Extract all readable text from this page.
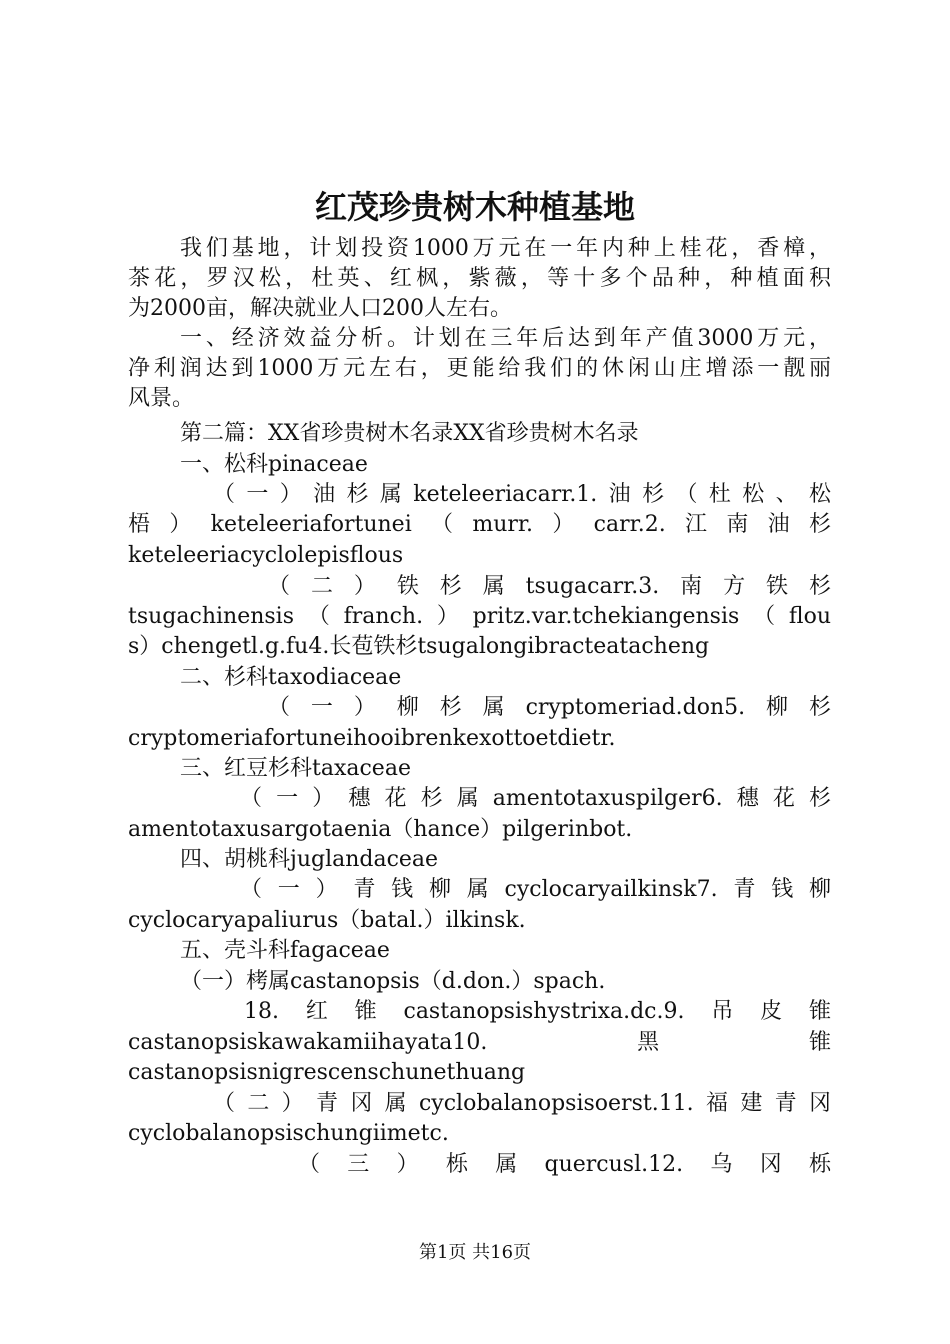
红茂珍贵树木种植基地
我们基地，计划投资1000万元在一年内种上桂花，香樟，
茶花，罗汉松，杜英、红枫，紫薇，等十多个品种，种植面积
为2000亩，解决就业人口200人左右。
一、经济效益分析。计划在三年后达到年产值3000万元，
净利润达到1000万元左右，更能给我们的休闲山庄增添一靓丽
风景。
第二篇：XX省珍贵树木名录XX省珍贵树木名录
一、松科pinaceae
（一）油杉属keteleeriacarr.1.油杉（杜松、松
梧）keteleeriafortunei（murr.）carr.2.江南油杉
keteleeriacyclolepisflous
（二）铁杉属tsugacarr.3.南方铁杉
tsugachinensis（franch.）pritz.var.tchekiangensis（flou
s）chengetl.g.fu4.长苞铁杉tsugalongibracteatacheng
二、杉科taxodiaceae
（一）柳杉属cryptomeriad.don5.柳杉
cryptomeriafortuneihooibrenkexottoetdietr.
三、红豆杉科taxaceae
（一）穗花杉属amentotaxuspilger6.穗花杉
amentotaxusargotaenia（hance）pilgerinbot.
四、胡桃科juglandaceae
（一）青钱柳属cyclocaryailkinsk7.青钱柳
cyclocaryapaliurus（batal.）ilkinsk.
五、壳斗科fagaceae
（一）栲属castanopsis（d.don.）spach.
18.红锥castanopsishystrixa.dc.9.吊皮锥
castanopsiskawakamiihayata10.黑锥
castanopsisnigrescenschunethuang
（二）青冈属cyclobalanopsisoerst.11.福建青冈
cyclobalanopsischungiimetc.
（三）栎属quercusl.12.乌冈栎
第1页 共16页
